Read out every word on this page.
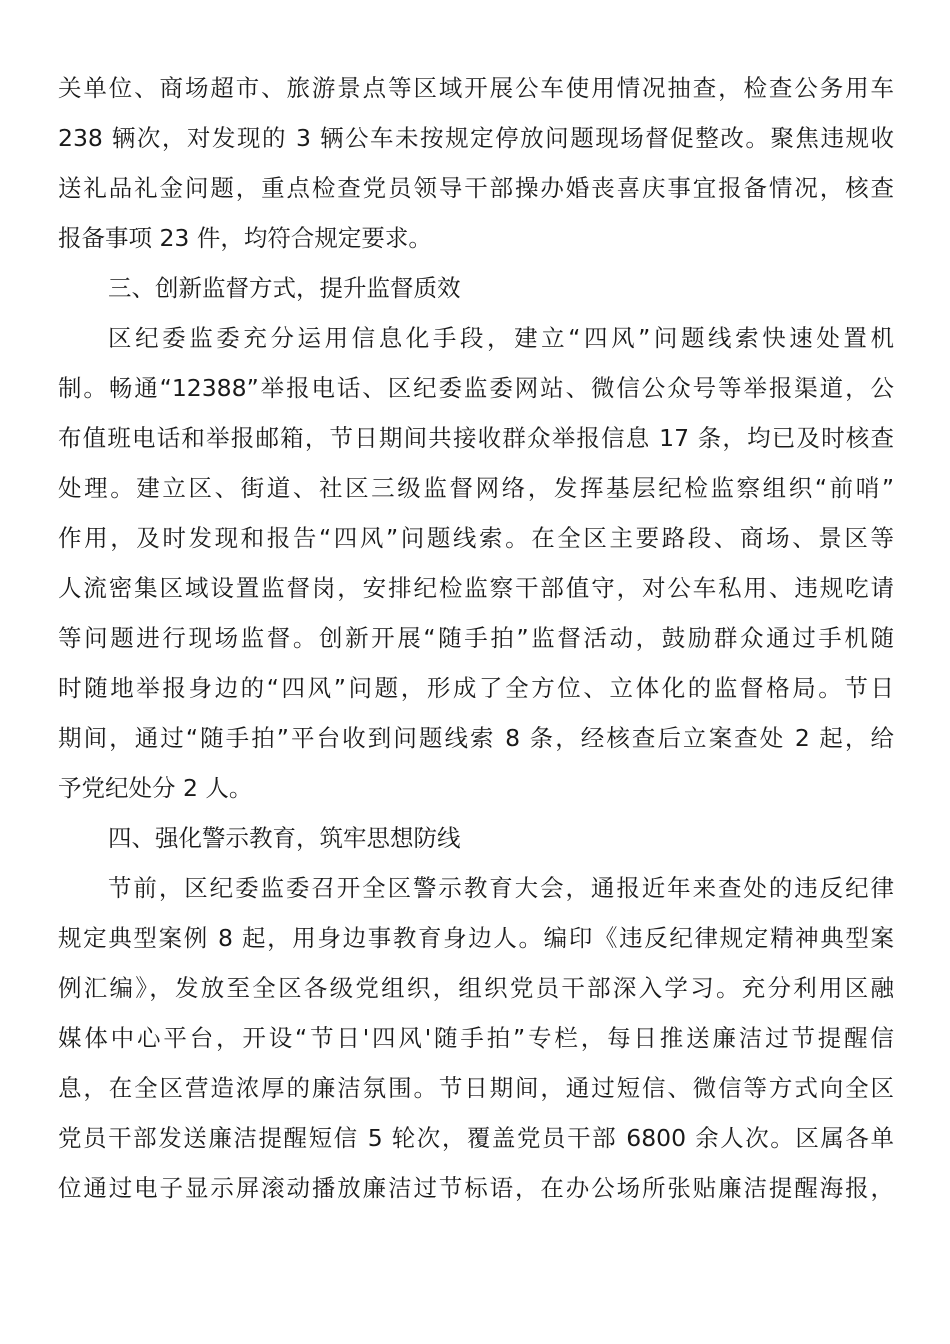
关单位、商场超市、旅游景点等区域开展公车使用情况抽查，检查公务用车
238 辆次，对发现的 3 辆公车未按规定停放问题现场督促整改。聚焦违规收
送礼品礼金问题，重点检查党员领导干部操办婚丧喜庆事宜报备情况，核查
报备事项 23 件，均符合规定要求。
三、创新监督方式，提升监督质效
区纪委监委充分运用信息化手段，建立“四风”问题线索快速处置机
制。畅通“12388”举报电话、区纪委监委网站、微信公众号等举报渠道，公
布值班电话和举报邮箱，节日期间共接收群众举报信息 17 条，均已及时核查
处理。建立区、街道、社区三级监督网络，发挥基层纪检监察组织“前哨”
作用，及时发现和报告“四风”问题线索。在全区主要路段、商场、景区等
人流密集区域设置监督岗，安排纪检监察干部值守，对公车私用、违规吃请
等问题进行现场监督。创新开展“随手拍”监督活动，鼓励群众通过手机随
时随地举报身边的“四风”问题，形成了全方位、立体化的监督格局。节日
期间，通过“随手拍”平台收到问题线索 8 条，经核查后立案查处 2 起，给
予党纪处分 2 人。
四、强化警示教育，筑牢思想防线
节前，区纪委监委召开全区警示教育大会，通报近年来查处的违反纪律
规定典型案例 8 起，用身边事教育身边人。编印《违反纪律规定精神典型案
例汇编》，发放至全区各级党组织，组织党员干部深入学习。充分利用区融
媒体中心平台，开设“节日'四风'随手拍”专栏，每日推送廉洁过节提醒信
息，在全区营造浓厚的廉洁氛围。节日期间，通过短信、微信等方式向全区
党员干部发送廉洁提醒短信 5 轮次，覆盖党员干部 6800 余人次。区属各单
位通过电子显示屏滚动播放廉洁过节标语，在办公场所张贴廉洁提醒海报，
